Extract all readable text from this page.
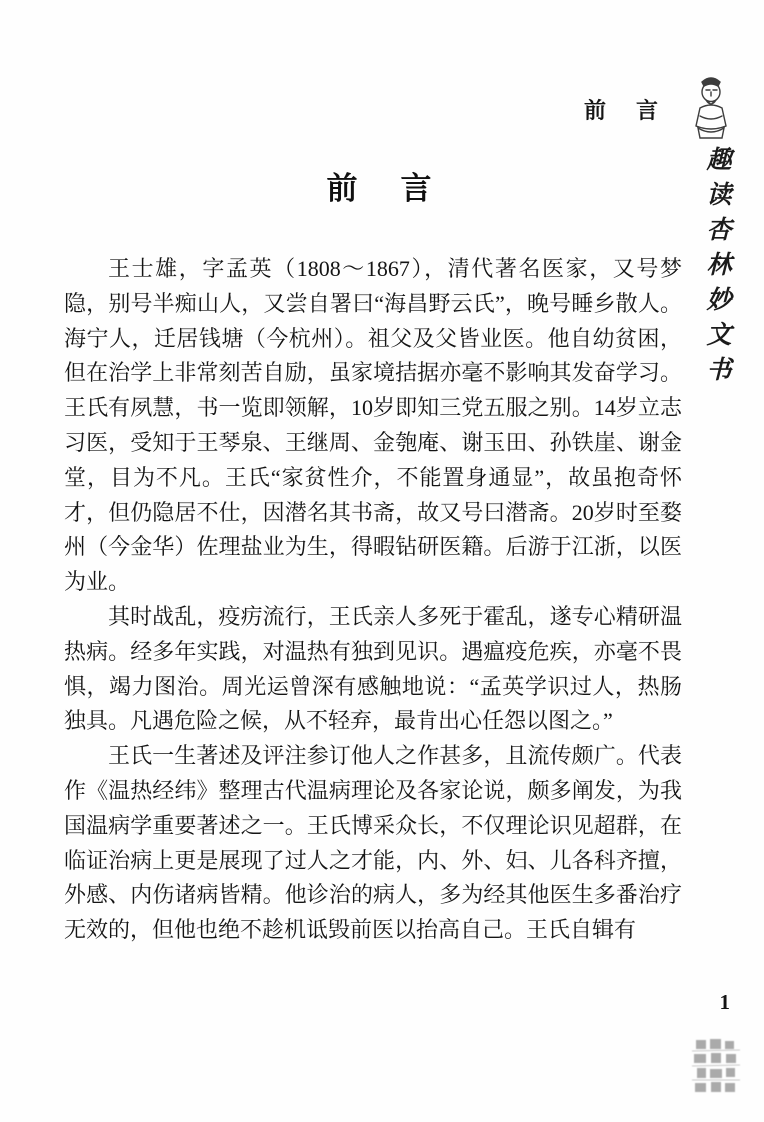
前　言
趣读杏林妙文书
前　言

王士雄，字孟英（1808～1867），清代著名医家，又号梦隐，别号半痴山人，又尝自署曰“海昌野云氏”，晚号睡乡散人。海宁人，迁居钱塘（今杭州）。祖父及父皆业医。他自幼贫困，但在治学上非常刻苦自励，虽家境拮据亦毫不影响其发奋学习。王氏有夙慧，书一览即领解，10岁即知三党五服之别。14岁立志习医，受知于王琴泉、王继周、金匏庵、谢玉田、孙铁崖、谢金堂，目为不凡。王氏“家贫性介，不能置身通显”，故虽抱奇怀才，但仍隐居不仕，因潜名其书斋，故又号曰潜斋。20岁时至婺州（今金华）佐理盐业为生，得暇钻研医籍。后游于江浙，以医为业。

其时战乱，疫疠流行，王氏亲人多死于霍乱，遂专心精研温热病。经多年实践，对温热有独到见识。遇瘟疫危疾，亦毫不畏惧，竭力图治。周光运曾深有感触地说：“孟英学识过人，热肠独具。凡遇危险之候，从不轻弃，最肯出心任怨以图之。”

王氏一生著述及评注参订他人之作甚多，且流传颇广。代表作《温热经纬》整理古代温病理论及各家论说，颇多阐发，为我国温病学重要著述之一。王氏博采众长，不仅理论识见超群，在临证治病上更是展现了过人之才能，内、外、妇、儿各科齐擅，外感、内伤诸病皆精。他诊治的病人，多为经其他医生多番治疗无效的，但他也绝不趁机诋毁前医以抬高自己。王氏自辑有

1
